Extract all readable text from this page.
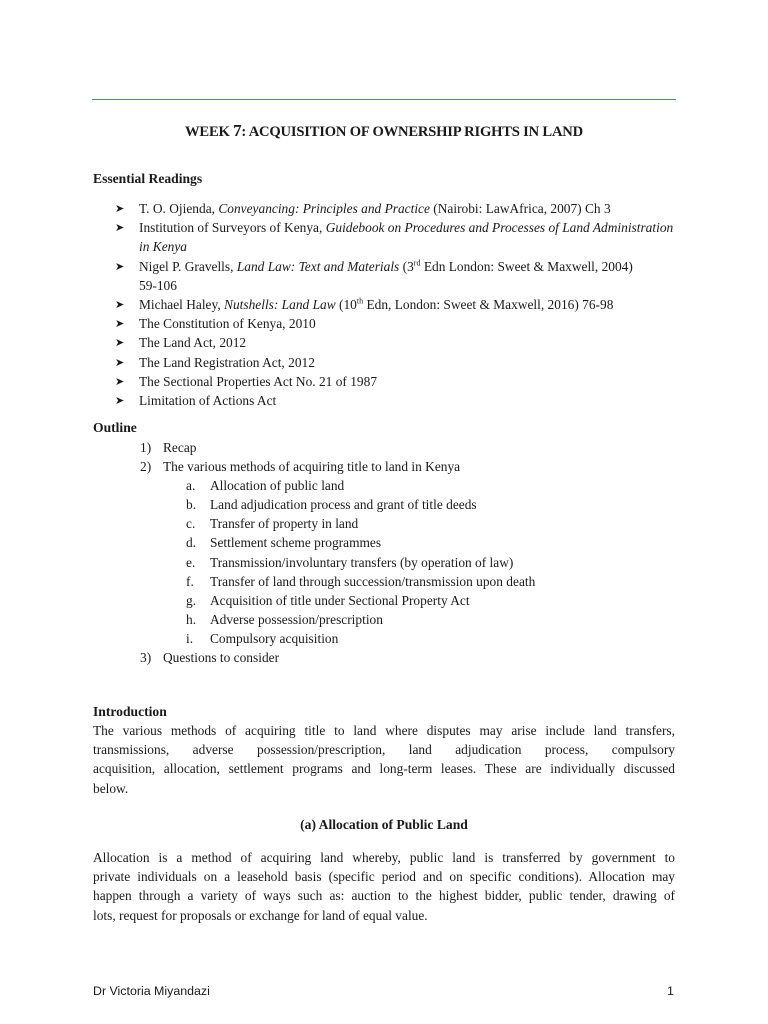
WEEK 7: ACQUISITION OF OWNERSHIP RIGHTS IN LAND
Essential Readings
➤ T. O. Ojienda, Conveyancing: Principles and Practice (Nairobi: LawAfrica, 2007) Ch 3
➤ Institution of Surveyors of Kenya, Guidebook on Procedures and Processes of Land Administration
in Kenya
➤ Nigel P. Gravells, Land Law: Text and Materials (3rd Edn London: Sweet & Maxwell, 2004)
59-106
➤ Michael Haley, Nutshells: Land Law (10th Edn, London: Sweet & Maxwell, 2016) 76-98
➤ The Constitution of Kenya, 2010
➤ The Land Act, 2012
➤ The Land Registration Act, 2012
➤ The Sectional Properties Act No. 21 of 1987
➤ Limitation of Actions Act
Outline
1) Recap
2) The various methods of acquiring title to land in Kenya
a. Allocation of public land
b. Land adjudication process and grant of title deeds
c. Transfer of property in land
d. Settlement scheme programmes
e. Transmission/involuntary transfers (by operation of law)
f. Transfer of land through succession/transmission upon death
g. Acquisition of title under Sectional Property Act
h. Adverse possession/prescription
i. Compulsory acquisition
3) Questions to consider
Introduction
The various methods of acquiring title to land where disputes may arise include land transfers,
transmissions, adverse possession/prescription, land adjudication process, compulsory
acquisition, allocation, settlement programs and long-term leases. These are individually discussed
below.
(a) Allocation of Public Land
Allocation is a method of acquiring land whereby, public land is transferred by government to
private individuals on a leasehold basis (specific period and on specific conditions). Allocation may
happen through a variety of ways such as: auction to the highest bidder, public tender, drawing of
lots, request for proposals or exchange for land of equal value.
Dr Victoria Miyandazi	1
